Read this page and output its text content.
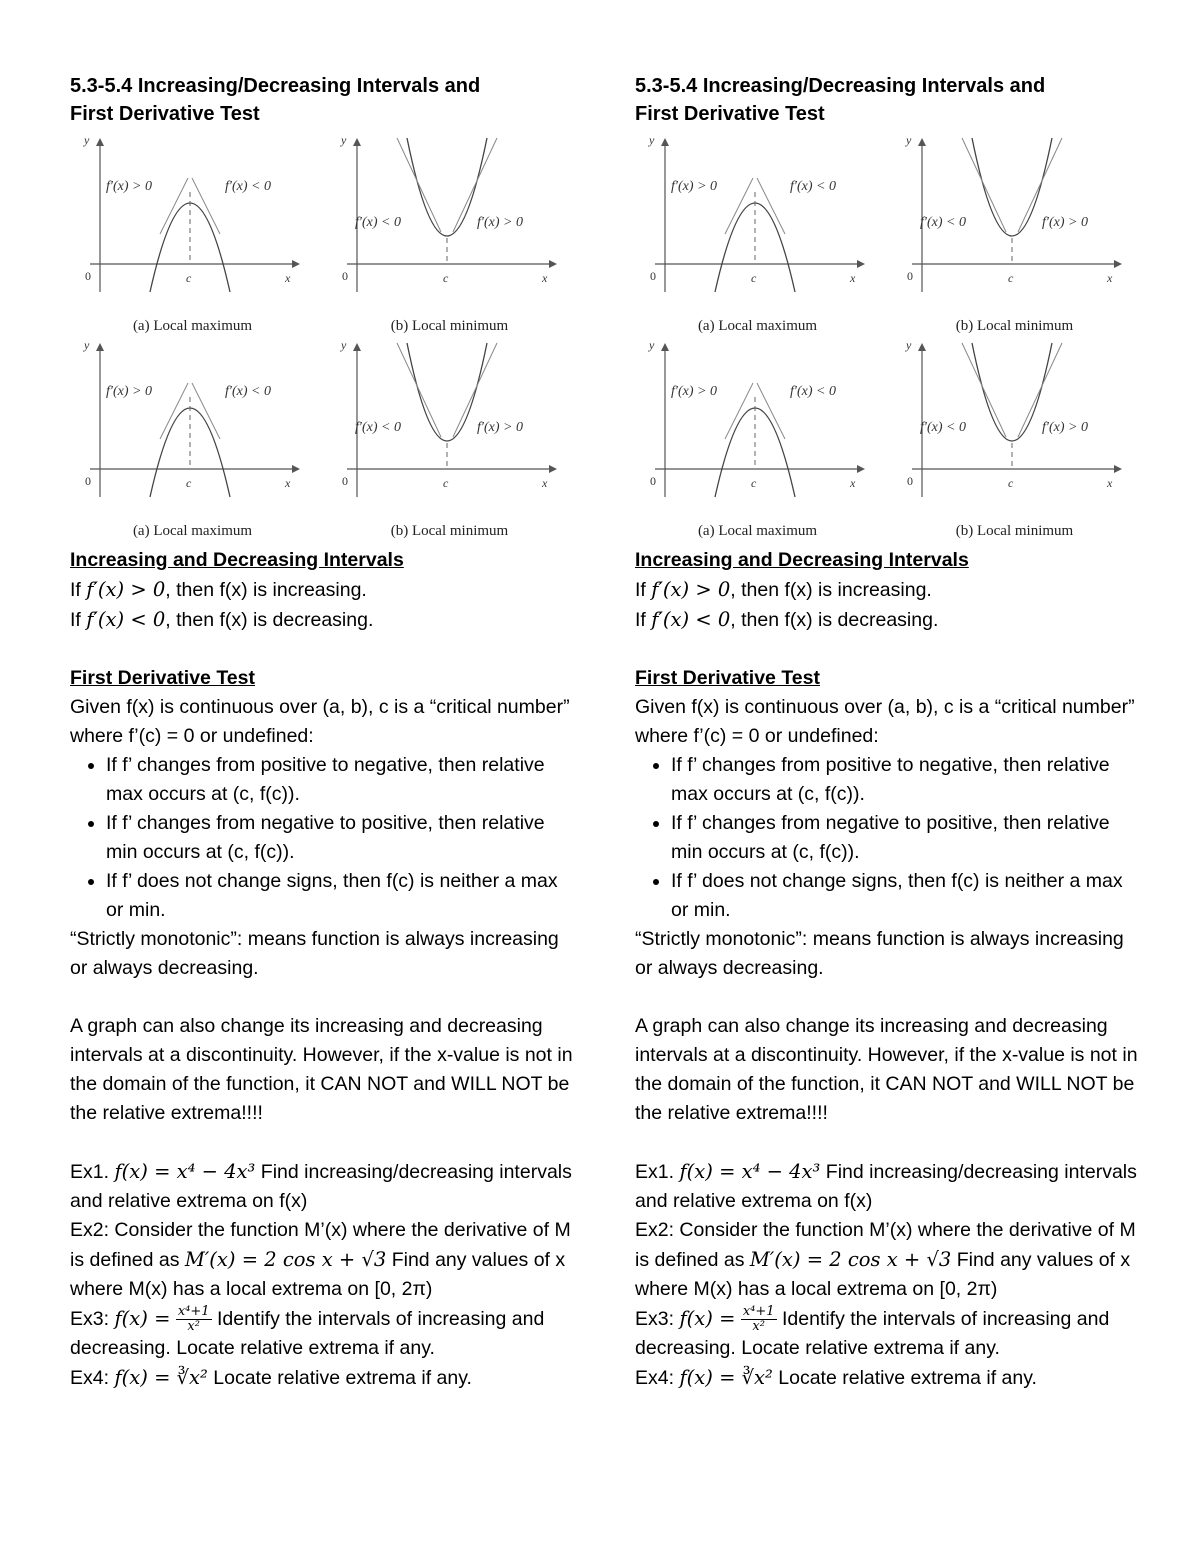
5.3-5.4 Increasing/Decreasing Intervals and

First Derivative Test

y
x
0	c
f′(x) > 0	f′(x) < 0
(a) Local maximum
y
x
0	c
f′(x) < 0	f′(x) > 0
(b) Local minimum
y
x
0	c
f′(x) > 0	f′(x) < 0
(a) Local maximum
y
x
0	c
f′(x) < 0	f′(x) > 0
(b) Local minimum

Increasing and Decreasing Intervals

If f′(x) > 0, then f(x) is increasing.

If f′(x) < 0, then f(x) is decreasing.

First Derivative Test

Given f(x) is continuous over (a, b), c is a “critical number” where f’(c) = 0 or undefined:

• If f’ changes from positive to negative, then relative max occurs at (c, f(c)).
• If f’ changes from negative to positive, then relative min occurs at (c, f(c)).
• If f’ does not change signs, then f(c) is neither a max or min.

“Strictly monotonic”: means function is always increasing or always decreasing.

A graph can also change its increasing and decreasing intervals at a discontinuity. However, if the x-value is not in the domain of the function, it CAN NOT and WILL NOT be the relative extrema!!!!

Ex1. f(x) = x⁴ − 4x³ Find increasing/decreasing intervals and relative extrema on f(x)

Ex2: Consider the function M’(x) where the derivative of M is defined as M′(x) = 2 cos x + √3 Find any values of x where M(x) has a local extrema on [0, 2π)

Ex3: $f(x) = \frac{\text{x⁴+1}}{\text{x²}}$ Identify the intervals of increasing and decreasing. Locate relative extrema if any.

Ex4: f(x) = ∛x² Locate relative extrema if any.

5.3-5.4 Increasing/Decreasing Intervals and

First Derivative Test

y
x
0	c
f′(x) > 0	f′(x) < 0
(a) Local maximum
y
x
0	c
f′(x) < 0	f′(x) > 0
(b) Local minimum
y
x
0	c
f′(x) > 0	f′(x) < 0
(a) Local maximum
y
x
0	c
f′(x) < 0	f′(x) > 0
(b) Local minimum

Increasing and Decreasing Intervals

If f′(x) > 0, then f(x) is increasing.

If f′(x) < 0, then f(x) is decreasing.

First Derivative Test

Given f(x) is continuous over (a, b), c is a “critical number” where f’(c) = 0 or undefined:

• If f’ changes from positive to negative, then relative max occurs at (c, f(c)).
• If f’ changes from negative to positive, then relative min occurs at (c, f(c)).
• If f’ does not change signs, then f(c) is neither a max or min.

“Strictly monotonic”: means function is always increasing or always decreasing.

A graph can also change its increasing and decreasing intervals at a discontinuity. However, if the x-value is not in the domain of the function, it CAN NOT and WILL NOT be the relative extrema!!!!

Ex1. f(x) = x⁴ − 4x³ Find increasing/decreasing intervals and relative extrema on f(x)

Ex2: Consider the function M’(x) where the derivative of M is defined as M′(x) = 2 cos x + √3 Find any values of x where M(x) has a local extrema on [0, 2π)

Ex3: $f(x) = \frac{\text{x⁴+1}}{\text{x²}}$ Identify the intervals of increasing and decreasing. Locate relative extrema if any.

Ex4: f(x) = ∛x² Locate relative extrema if any.
